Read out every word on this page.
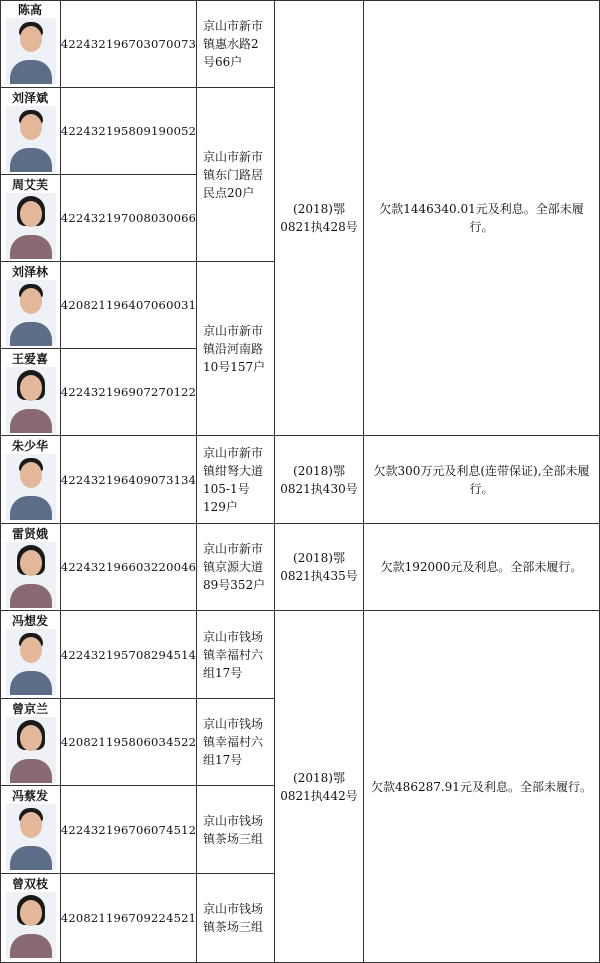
陈高
422432196703070073
刘泽斌
422432195809190052
周艾芙
422432197008030066
刘泽林
420821196407060031
王爱喜
422432196907270122
朱少华
422432196409073134
雷贤娥
422432196603220046
冯想发
422432195708294514
曾京兰
420821195806034522
冯蔡发
422432196706074512
曾双枝
420821196709224521
京山市新市镇惠水路2号66户
京山市新市镇东门路居民点20户
京山市新市镇沿河南路10号157户
京山市新市镇绀弩大道105-1号129户
京山市新市镇京源大道89号352户
京山市钱场镇幸福村六组17号
京山市钱场镇幸福村六组17号
京山市钱场镇茶场三组
京山市钱场镇茶场三组
(2018)鄂0821执428号
欠款1446340.01元及利息。全部未履行。
(2018)鄂0821执430号
欠款300万元及利息(连带保证),全部未履行。
(2018)鄂0821执435号
欠款192000元及利息。全部未履行。
(2018)鄂0821执442号
欠款486287.91元及利息。全部未履行。
